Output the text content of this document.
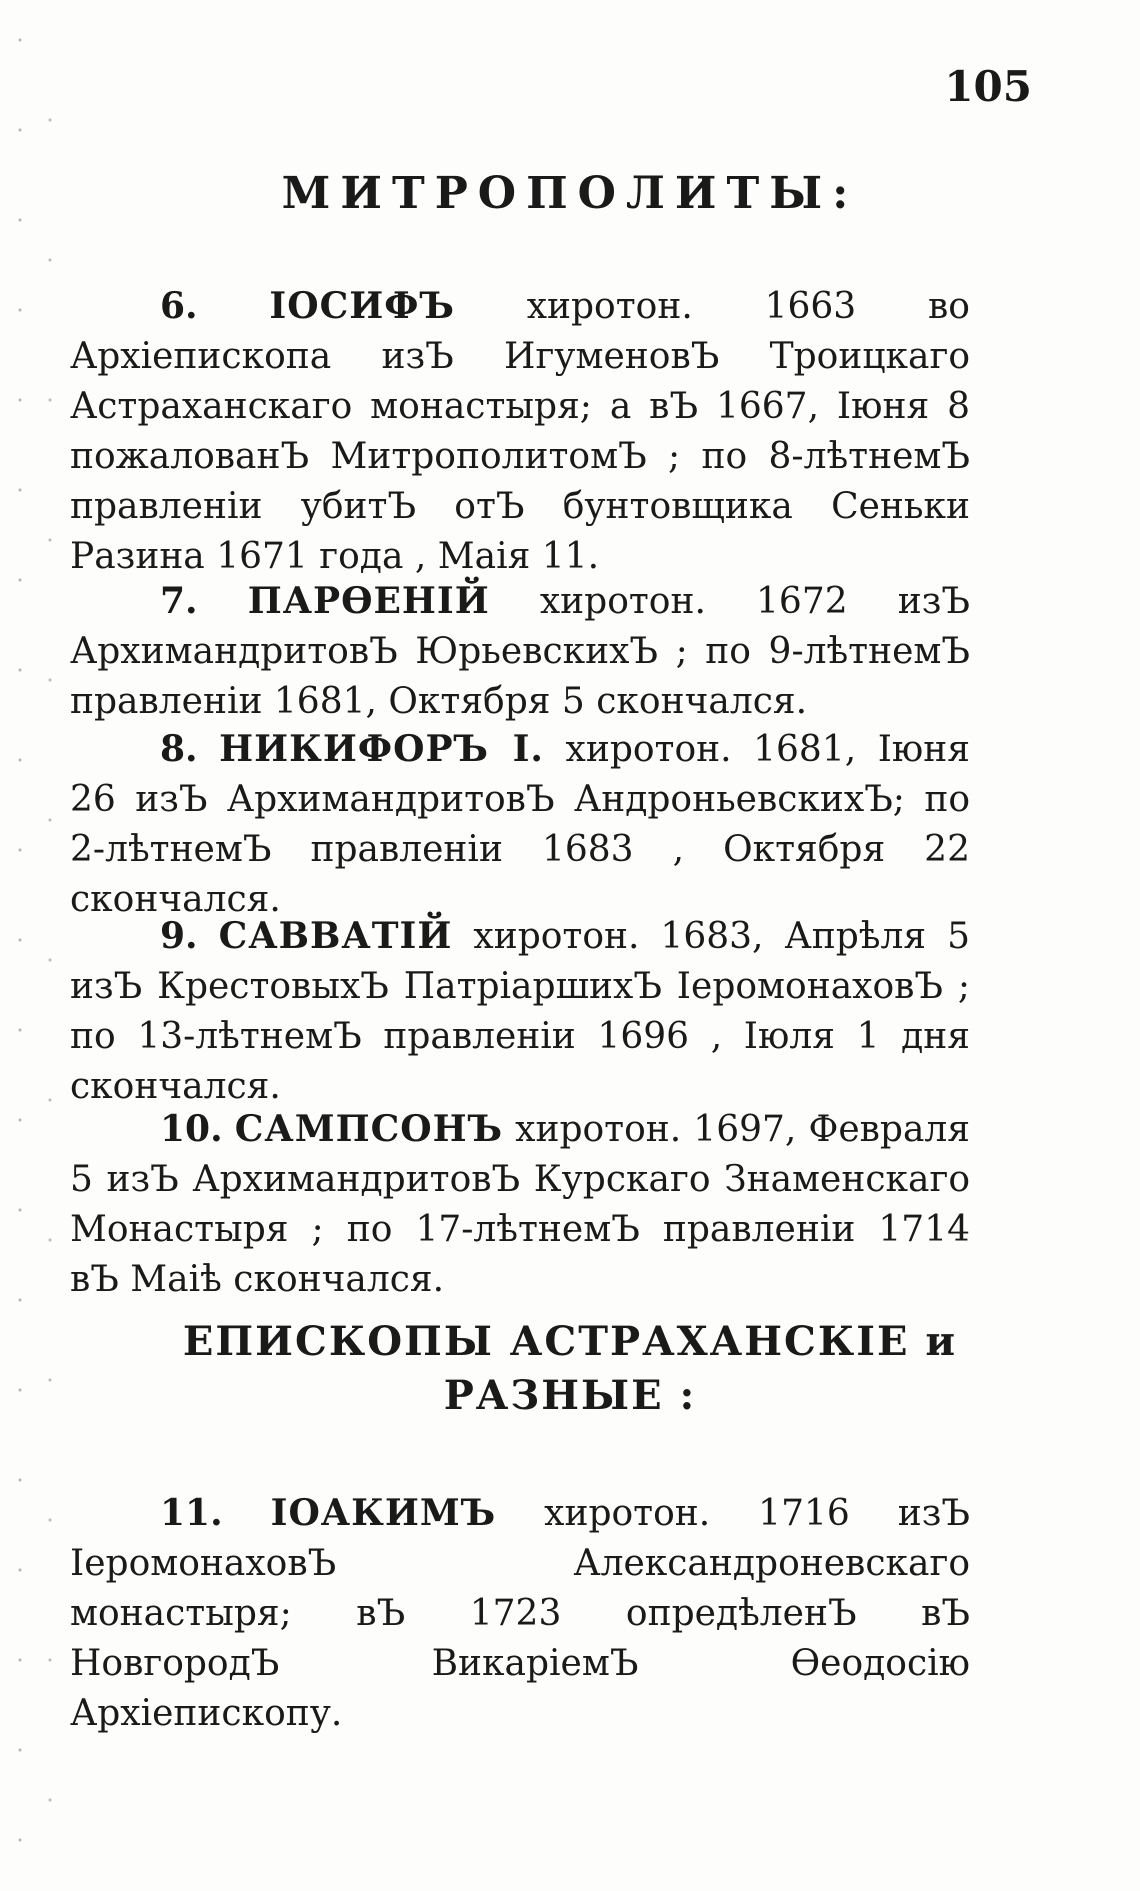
105
МИТРОПОЛИТЫ:

6. ІОСИФЪ хиротон. 1663 во Архіепископа изЪ ИгуменовЪ Троицкаго Астраханскаго монастыря; а вЪ 1667, Іюня 8 пожалованЪ МитрополитомЪ ; по 8-лѣтнемЪ правленіи убитЪ отЪ бунтовщика Сеньки Разина 1671 года , Маія 11.

7. ПАРѲЕНІЙ хиротон. 1672 изЪ АрхимандритовЪ ЮрьевскихЪ ; по 9-лѣтнемЪ правленіи 1681, Октября 5 скончался.

8. НИКИФОРЪ І. хиротон. 1681, Іюня 26 изЪ АрхимандритовЪ АндроньевскихЪ; по 2-лѣтнемЪ правленіи 1683 , Октября 22 скончался.

9. САВВАТІЙ хиротон. 1683, Апрѣля 5 изЪ КрестовыхЪ ПатріаршихЪ ІеромонаховЪ ; по 13-лѣтнемЪ правленіи 1696 , Іюля 1 дня скончался.

10. САМПСОНЪ хиротон. 1697, Февраля 5 изЪ АрхимандритовЪ Курскаго Знаменскаго Монастыря ; по 17-лѣтнемЪ правленіи 1714 вЪ Маіѣ скончался.

ЕПИСКОПЫ АСТРАХАНСКІЕ и
РАЗНЫЕ :

11. ІОАКИМЪ хиротон. 1716 изЪ ІеромонаховЪ Александроневскаго монастыря; вЪ 1723 опредѣленЪ вЪ НовгородЪ ВикаріемЪ Ѳеодосію Архіепископу.
